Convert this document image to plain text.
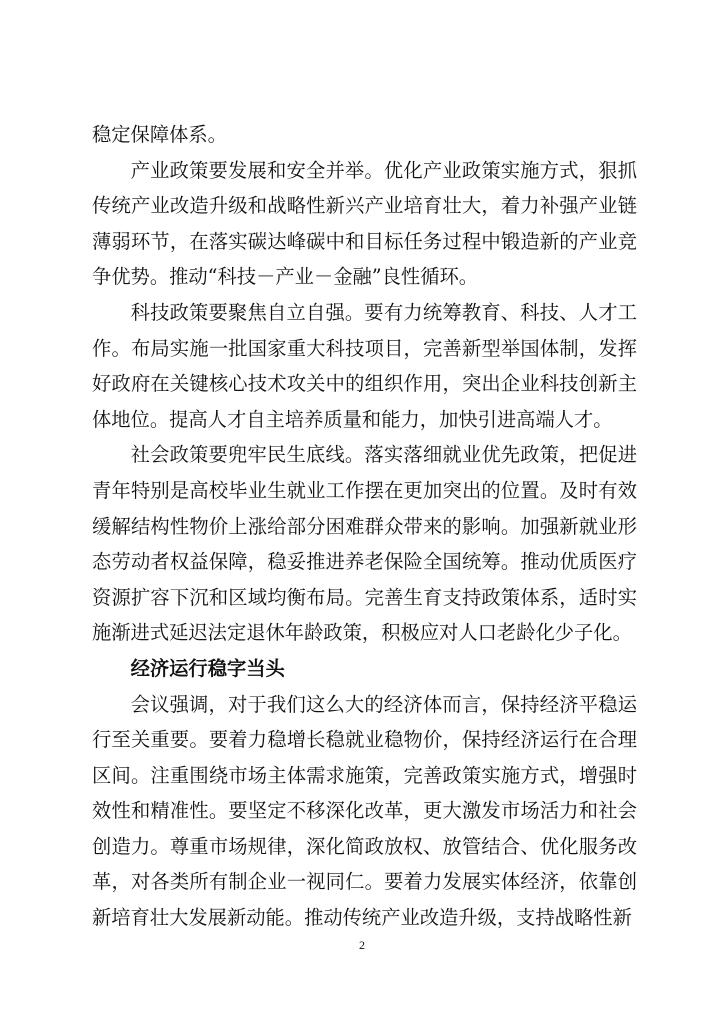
稳定保障体系。

产业政策要发展和安全并举。优化产业政策实施方式，狠抓传统产业改造升级和战略性新兴产业培育壮大，着力补强产业链薄弱环节，在落实碳达峰碳中和目标任务过程中锻造新的产业竞争优势。推动“科技－产业－金融”良性循环。

科技政策要聚焦自立自强。要有力统筹教育、科技、人才工作。布局实施一批国家重大科技项目，完善新型举国体制，发挥好政府在关键核心技术攻关中的组织作用，突出企业科技创新主体地位。提高人才自主培养质量和能力，加快引进高端人才。

社会政策要兜牢民生底线。落实落细就业优先政策，把促进青年特别是高校毕业生就业工作摆在更加突出的位置。及时有效缓解结构性物价上涨给部分困难群众带来的影响。加强新就业形态劳动者权益保障，稳妥推进养老保险全国统筹。推动优质医疗资源扩容下沉和区域均衡布局。完善生育支持政策体系，适时实施渐进式延迟法定退休年龄政策，积极应对人口老龄化少子化。

经济运行稳字当头

会议强调，对于我们这么大的经济体而言，保持经济平稳运行至关重要。要着力稳增长稳就业稳物价，保持经济运行在合理区间。注重围绕市场主体需求施策，完善政策实施方式，增强时效性和精准性。要坚定不移深化改革，更大激发市场活力和社会创造力。尊重市场规律，深化简政放权、放管结合、优化服务改革，对各类所有制企业一视同仁。要着力发展实体经济，依靠创新培育壮大发展新动能。推动传统产业改造升级，支持战略性新

2
